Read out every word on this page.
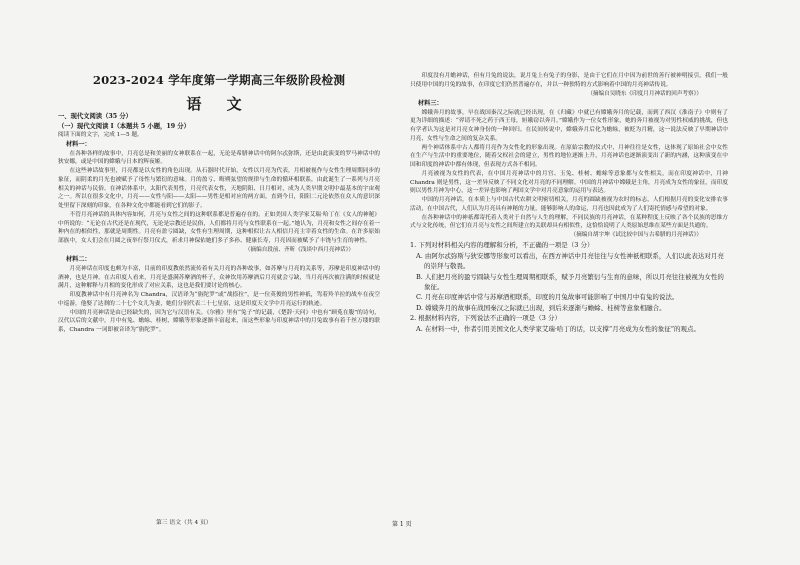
2023-2024 学年度第一学期高三年级阶段检测
语 文

一、现代文阅读（35 分）

（一）现代文阅读 I（本题共 5 小题，19 分）

阅读下面的文字，完成 1—5 题。

材料一：

在各种各样的故事中，月亮总是和美丽的女神联系在一起，无论是希腊神话中的阿尔忒弥斯，还是由此演变的罗马神话中的狄安娜，或是中国的嫦娥与日本的辉夜姬。

在这些神话故事里，月亮都是以女性的角色出现。从石器时代开始，女性以月亮为代表，月相被视作与女性生理周期同步的象征，而阴柔的月光也被赋予了母性与繁衍的意味。月的盈亏、晦朔弦望的规律与生命的循环相联系，由此诞生了一系列与月亮相关的神话与民俗。在神话体系中，太阳代表男性，月亮代表女性，天地阴阳、日月相对，成为人类早期文明中最基本的宇宙观之一。所以在很多文化中，月亮——女性与阳——太阳——男性是相对应的两方面。直到今日，阳阳二元论依然在众人的意识深处里留下深刻的印象，在各种文化中都能看到它们的影子。

不管月亮神话的具体内容如何，月亮与女性之间的这种联系都是普遍存在的。正如美国人类学家艾瑞·哈丁在《女人的神秘》中所说的：“无论在古代还是在现代，无论是宗教还是民俗，人们都将月亮与女性联系在一起。”她认为，月亮和女性之间存在着一种内在的相似性，那就是周期性。月亮有盈亏圆缺，女性有生理周期，这种相似让古人相信月亮主宰着女性的生命。在许多原始部族中，女人们会在月圆之夜举行祭月仪式，祈求月神保佑她们多子多孙、健康长寿，月亮因而被赋予了丰饶与生育的神性。

（摘编自段前、齐昕《浅谈中西月亮神话》）

材料二：

月亮神话在印度也颇为丰富，目前的印度教依然流传着有关月亮的各种故事，如苏摩与月亮的关系等，苏摩是印度神话中的酒神，也是月神。在古印度人看来，月亮是盛满苏摩酒的杯子，众神饮用苏摩酒后月亮就会亏缺，当月亮再次被注满的时候就是满月，这种解释与月相的变化形成了对应关系，这也是我们要讨论的核心。

印度教神话中有月亮神名为 Chandra，汉语译为“旃陀罗”或“战捺拉”，是一位英俊的男性神祇，驾着羚羊拉的战车在夜空中巡游，他娶了达刹的二十七个女儿为妻，她们分别代表二十七星宿，这是印度天文学中月亮运行的轨迹。

中国的月亮神话是由已经缺失的，因为它与汉语有关。《尔雅》里有“兔子”的记载，《楚辞·天问》中也有“顾菟在腹”的诗句，汉代以后的文献中，月中有兔、蟾蜍、桂树、嫦娥等形象逐渐丰富起来，而这些形象与印度神话中的月兔故事有着千丝万缕的联系，Chandra 一词即被音译为“旃陀罗”。

第三 语文（共 4 页）	第 1 页

印度没有月蟾神话，但有月兔的说法，说月兔上有兔子的身影，是由于它们在月中因为前世的善行被神明接引，我们一般只使用中国的月兔的故事，在印度它们仍然普遍存在，并以一种独特的方式影响着中国的月亮神话传说。

（摘编自吴晓东《印度月月神话的回声考察》）

材料三：

嫦娥奔月的故事，早在战国秦汉之际就已经出现，在《归藏》中就已有嫦娥奔月的记载，而到了西汉《淮南子》中则有了更为详细的描述：“羿请不死之药于西王母，姮娥窃以奔月。”嫦娥作为一位女性形象，她的奔月被视为对男性权威的挑战，但也有学者认为这是对月亮女神身份的一种回归。在民间传说中，嫦娥奔月后化为蟾蜍，被贬为月精，这一说法反映了早期神话中月亮、女性与生命之间的复杂关系。

两个神话体系中古人都将月亮作为女性化的形象出现。在原始宗教的仪式中，月神往往是女性，这体现了原始社会中女性在生产与生活中的重要地位，随着父权社会的建立，男性的地位逐渐上升，月亮神话也逐渐演变出了新的内涵，这种演变在中国和印度的神话中都有体现，但表现方式各不相同。

月亮被视为女性的代表，在中国月亮神话中的月宫、玉兔、桂树、蟾蜍等意象都与女性相关，而在印度神话中，月神 Chandra 则是男性，这一差异反映了不同文化对月亮的不同理解。中国的月神话中嫦娥是主角，月亮成为女性的象征，而印度则以男性月神为中心，这一差异也影响了两国文学中对月亮意象的运用与表达。

中国的月亮神话，在本质上与中国古代农耕文明密切相关，月亮的圆缺被视为农时的标志，人们根据月亮的变化安排农事活动，在中国古代，人们认为月亮具有神秘的力量，能够影响人的命运，月亮也因此成为了人们寄托情感与希望的对象。

在各种神话中的神祇都寄托着人类对于自然与人生的理解，不同民族的月亮神话，在某种程度上反映了各个民族的思维方式与文化传统，但它们在月亮与女性之间所建立的关联却具有相似性，这恰恰说明了人类原始思维在某些方面是共通的。

（摘编自胡宇坤《试比较中国与古希腊的月亮神话》）

1. 下列对材料相关内容的理解和分析，不正确的一项是（3 分）

A. 由阿尔忒弥斯与狄安娜等形象可以看出，在西方神话中月亮往往与女性神祇相联系，人们以此表达对月亮的崇拜与敬畏。

B. 人们把月亮的盈亏圆缺与女性生理周期相联系，赋予月亮繁衍与生育的意味，所以月亮往往被视为女性的象征。

C. 月亮在印度神话中常与苏摩酒相联系，印度的月兔故事可能影响了中国月中有兔的说法。

D. 嫦娥奔月的故事在战国秦汉之际就已出现，到后来逐渐与蟾蜍、桂树等意象相融合。

2. 根据材料内容，下列说法不正确的一项是（3 分）

A. 在材料一中，作者引用美国文化人类学家艾瑞·哈丁的话，以支撑“月亮成为女性的象征”的观点。
